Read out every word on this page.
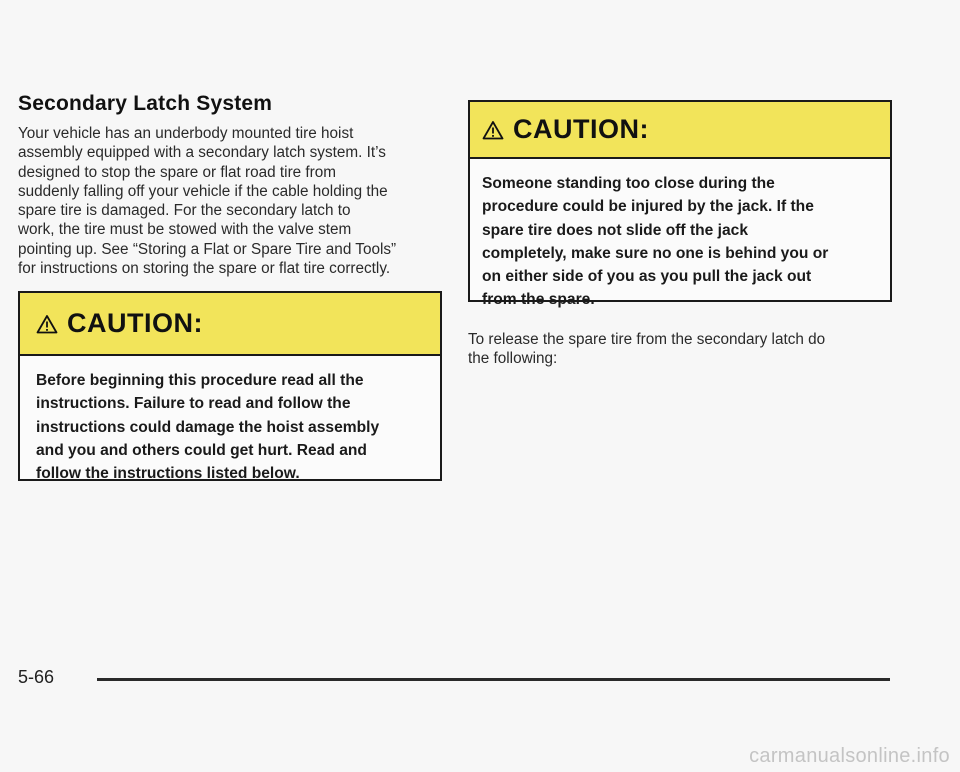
Secondary Latch System
Your vehicle has an underbody mounted tire hoist
assembly equipped with a secondary latch system. It’s
designed to stop the spare or flat road tire from
suddenly falling off your vehicle if the cable holding the
spare tire is damaged. For the secondary latch to
work, the tire must be stowed with the valve stem
pointing up. See “Storing a Flat or Spare Tire and Tools”
for instructions on storing the spare or flat tire correctly.
CAUTION:
Before beginning this procedure read all the
instructions. Failure to read and follow the
instructions could damage the hoist assembly
and you and others could get hurt. Read and
follow the instructions listed below.
CAUTION:
Someone standing too close during the
procedure could be injured by the jack. If the
spare tire does not slide off the jack
completely, make sure no one is behind you or
on either side of you as you pull the jack out
from the spare.
To release the spare tire from the secondary latch do
the following:
5-66
carmanualsonline.info
